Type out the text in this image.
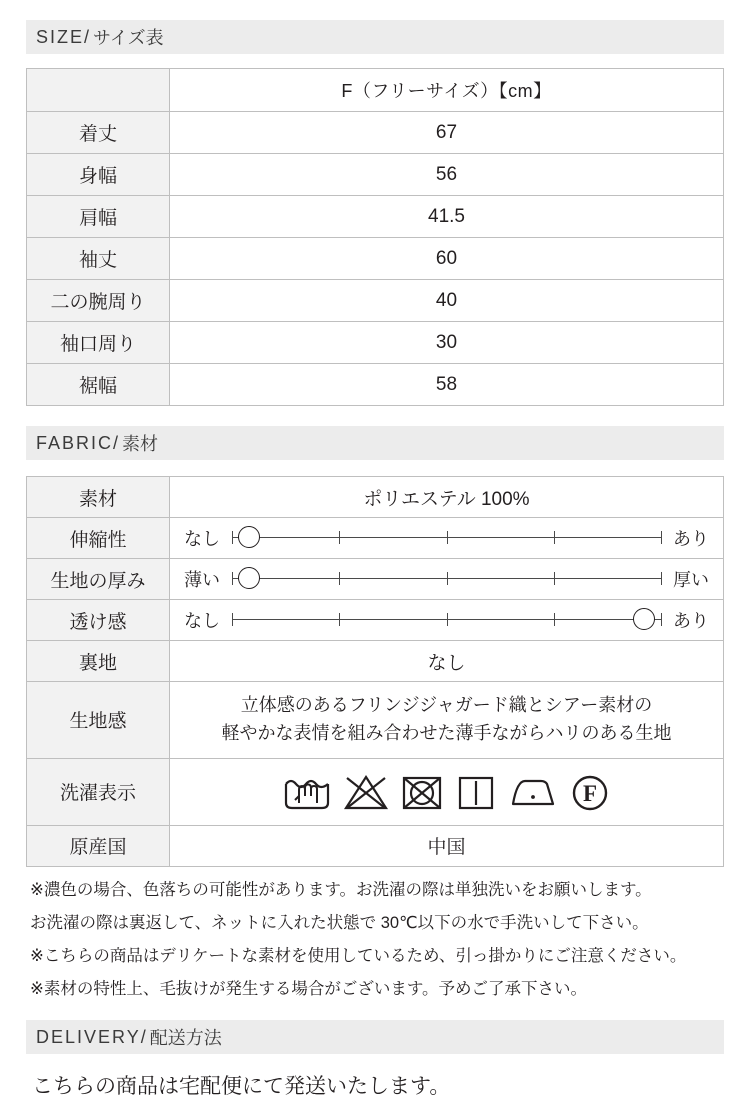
SIZE/ サイズ表
	F（フリーサイズ）【cm】
着丈	67
身幅	56
肩幅	41.5
袖丈	60
二の腕周り	40
袖口周り	30
裾幅	58
FABRIC/ 素材
素材	ポリエステル 100%
伸縮性	なし あり

生地の厚み	薄い 厚い

透け感	なし あり

裏地	なし
生地感	立体感のあるフリンジジャガード織とシアー素材の
軽やかな表情を組み合わせた薄手ながらハリのある生地

洗濯表示	F

原産国	中国

※濃色の場合、色落ちの可能性があります。お洗濯の際は単独洗いをお願いします。

お洗濯の際は裏返して、ネットに入れた状態で 30℃以下の水で手洗いして下さい。

※こちらの商品はデリケートな素材を使用しているため、引っ掛かりにご注意ください。

※素材の特性上、毛抜けが発生する場合がございます。予めご了承下さい。

DELIVERY/ 配送方法
こちらの商品は宅配便にて発送いたします。
